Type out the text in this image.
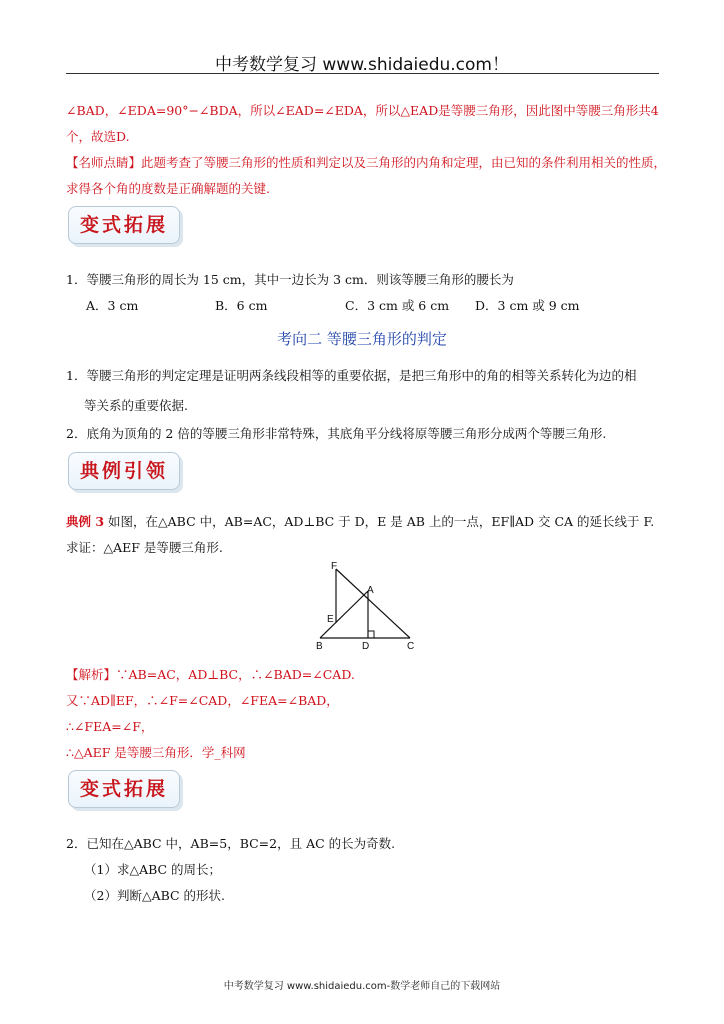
中考数学复习 www.shidaiedu.com！
∠BAD，∠EDA=90°−∠BDA，所以∠EAD=∠EDA，所以△EAD是等腰三角形，因此图中等腰三角形共4
个，故选D.
【名师点睛】此题考查了等腰三角形的性质和判定以及三角形的内角和定理，由已知的条件利用相关的性质，
求得各个角的度数是正确解题的关键.
变式拓展
1．等腰三角形的周长为 15 cm，其中一边长为 3 cm．则该等腰三角形的腰长为
A．3 cm	B．6 cm	C．3 cm 或 6 cm D．3 cm 或 9 cm
考向二 等腰三角形的判定
1．等腰三角形的判定定理是证明两条线段相等的重要依据，是把三角形中的角的相等关系转化为边的相
等关系的重要依据.
2．底角为顶角的 2 倍的等腰三角形非常特殊，其底角平分线将原等腰三角形分成两个等腰三角形.
典例引领
典例 3 如图，在△ABC 中，AB=AC，AD⊥BC 于 D，E 是 AB 上的一点，EF∥AD 交 CA 的延长线于 F.
求证：△AEF 是等腰三角形.
F
A
E
B	D	C
【解析】∵AB=AC，AD⊥BC，∴∠BAD=∠CAD.
又∵AD∥EF，∴∠F=∠CAD，∠FEA=∠BAD，
∴∠FEA=∠F，
∴△AEF 是等腰三角形．学_科网
变式拓展
2．已知在△ABC 中，AB=5，BC=2，且 AC 的长为奇数.
（1）求△ABC 的周长；
（2）判断△ABC 的形状.
中考数学复习 www.shidaiedu.com-数学老师自己的下载网站
